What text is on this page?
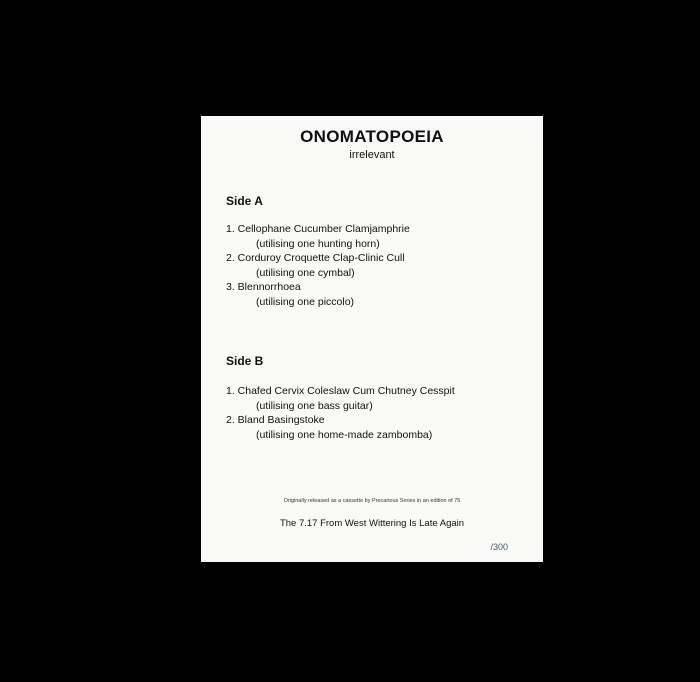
ONOMATOPOEIA
irrelevant
Side A
1. Cellophane Cucumber Clamjamphrie
(utilising one hunting horn)
2. Corduroy Croquette Clap-Clinic Cull
(utilising one cymbal)
3. Blennorrhoea
(utilising one piccolo)
Side B
1. Chafed Cervix Coleslaw Cum Chutney Cesspit
(utilising one bass guitar)
2. Bland Basingstoke
(utilising one home-made zambomba)
Originally released as a cassette by Precarious Series in an edition of 75
The 7.17 From West Wittering Is Late Again
/300
